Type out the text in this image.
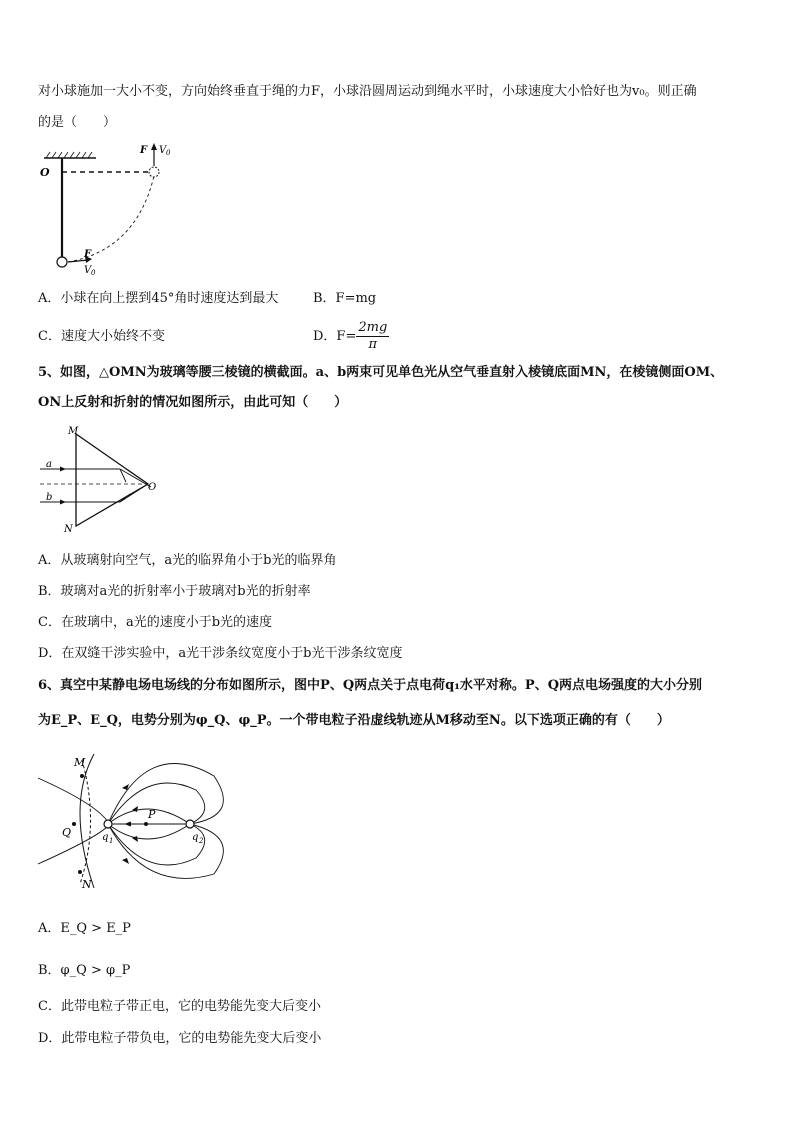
对小球施加一大小不变，方向始终垂直于绳的力F，小球沿圆周运动到绳水平时，小球速度大小恰好也为v₀。则正确
的是（　　）
O
F V 0
F
V 0
A．小球在向上摆到45°角时速度达到最大	B．F=mg
C．速度大小始终不变	D．$F= \frac{2mg}{\pi}$
5、如图，△OMN为玻璃等腰三棱镜的横截面。a、b两束可见单色光从空气垂直射入棱镜底面MN，在棱镜侧面OM、
ON上反射和折射的情况如图所示，由此可知（　　）
M
N
O
a
b
A．从玻璃射向空气，a光的临界角小于b光的临界角
B．玻璃对a光的折射率小于玻璃对b光的折射率
C．在玻璃中，a光的速度小于b光的速度
D．在双缝干涉实验中，a光干涉条纹宽度小于b光干涉条纹宽度
6、真空中某静电场电场线的分布如图所示，图中P、Q两点关于点电荷q₁水平对称。P、Q两点电场强度的大小分别
为E_P、E_Q，电势分别为φ_Q、φ_P。一个带电粒子沿虚线轨迹从M移动至N。以下选项正确的有（　　）
M
Q
N
P
q 1	q 2
A．E_Q > E_P
B．φ_Q > φ_P
C．此带电粒子带正电，它的电势能先变大后变小
D．此带电粒子带负电，它的电势能先变大后变小
